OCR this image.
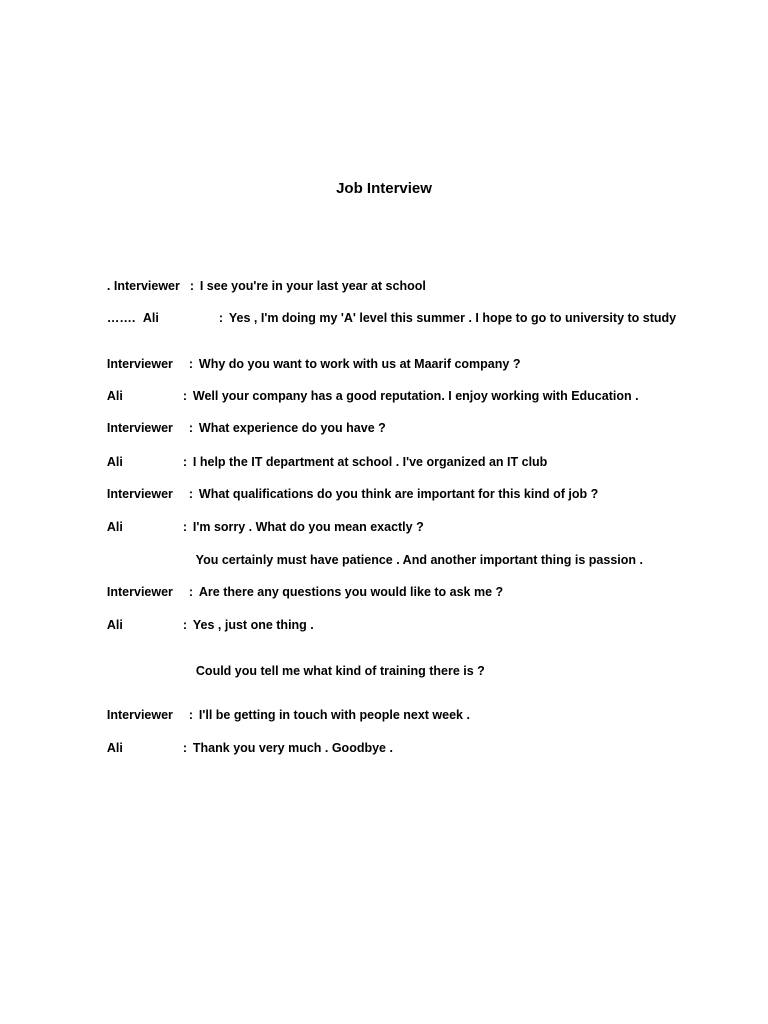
Job Interview

. Interviewer : I see you're in your last year at school

……. Ali	: Yes , I'm doing my 'A' level this summer . I hope to go to university to study

Interviewer : Why do you want to work with us at Maarif company ?

Ali	: Well your company has a good reputation. I enjoy working with Education .

Interviewer : What experience do you have ?

Ali	: I help the IT department at school . I've organized an IT club

Interviewer : What qualifications do you think are important for this kind of job ?

Ali	: I'm sorry . What do you mean exactly ?

You certainly must have patience . And another important thing is passion .

Interviewer : Are there any questions you would like to ask me ?

Ali	: Yes , just one thing .

Could you tell me what kind of training there is ?

Interviewer : I'll be getting in touch with people next week .

Ali	: Thank you very much . Goodbye .
